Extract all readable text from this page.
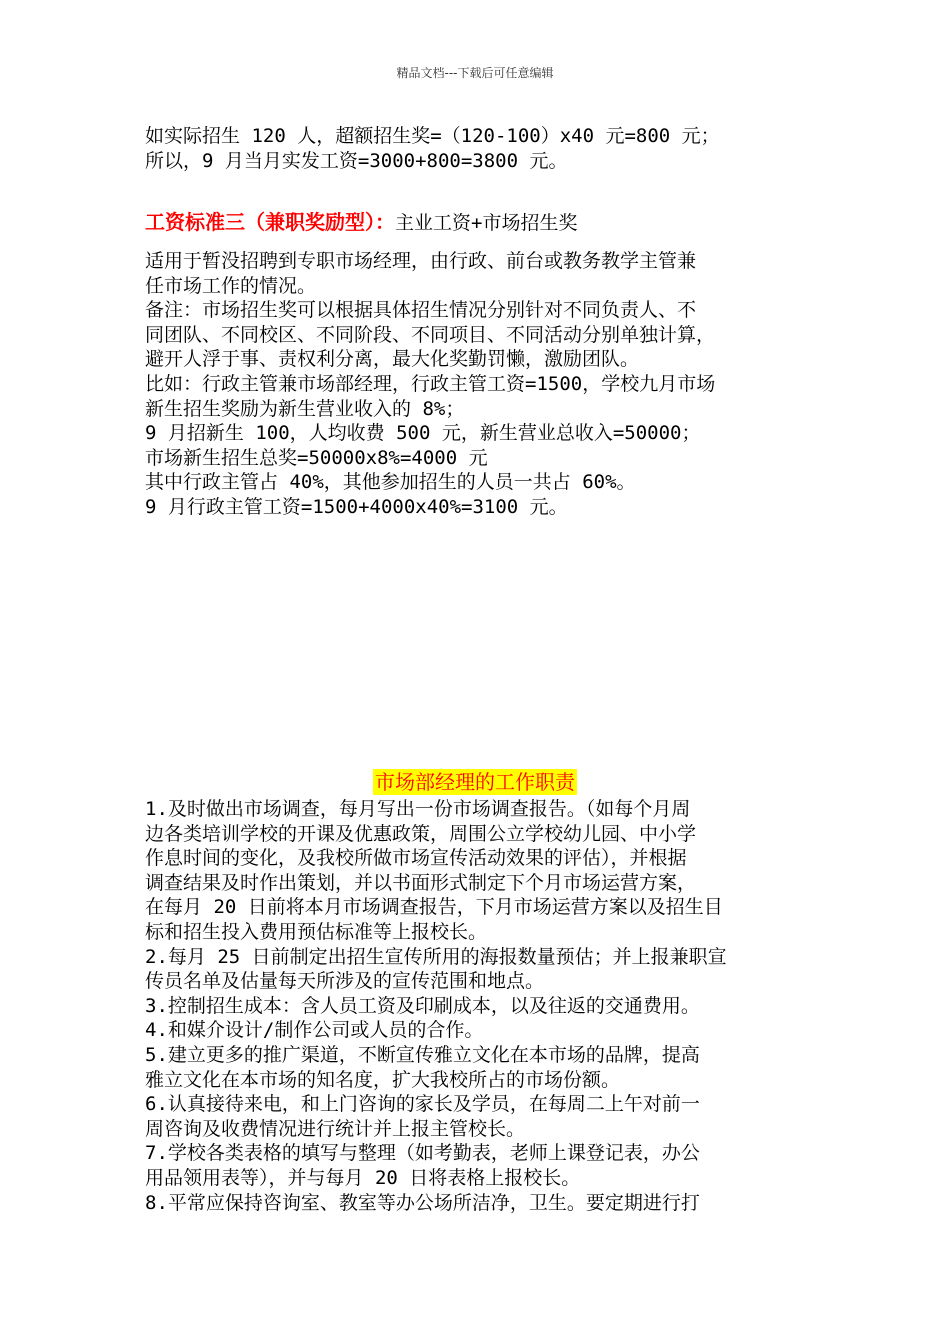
精品文档---下载后可任意编辑

如实际招生 120 人，超额招生奖=（120-100）x40 元=800 元；

所以，9 月当月实发工资=3000+800=3800 元。

工资标准三（兼职奖励型）：主业工资+市场招生奖

适用于暂没招聘到专职市场经理，由行政、前台或教务教学主管兼

任市场工作的情况。

备注：市场招生奖可以根据具体招生情况分别针对不同负责人、不

同团队、不同校区、不同阶段、不同项目、不同活动分别单独计算，

避开人浮于事、责权利分离，最大化奖勤罚懒，激励团队。

比如：行政主管兼市场部经理，行政主管工资=1500，学校九月市场

新生招生奖励为新生营业收入的 8%；

9 月招新生 100，人均收费 500 元，新生营业总收入=50000；

市场新生招生总奖=50000x8%=4000 元

其中行政主管占 40%，其他参加招生的人员一共占 60%。

9 月行政主管工资=1500+4000x40%=3100 元。

市场部经理的工作职责

1.及时做出市场调查，每月写出一份市场调查报告。（如每个月周

边各类培训学校的开课及优惠政策，周围公立学校幼儿园、中小学

作息时间的变化，及我校所做市场宣传活动效果的评估），并根据

调查结果及时作出策划，并以书面形式制定下个月市场运营方案，

在每月 20 日前将本月市场调查报告，下月市场运营方案以及招生目

标和招生投入费用预估标准等上报校长。

2.每月 25 日前制定出招生宣传所用的海报数量预估；并上报兼职宣

传员名单及估量每天所涉及的宣传范围和地点。

3.控制招生成本：含人员工资及印刷成本，以及往返的交通费用。

4.和媒介设计/制作公司或人员的合作。

5.建立更多的推广渠道，不断宣传雅立文化在本市场的品牌，提高

雅立文化在本市场的知名度，扩大我校所占的市场份额。

6.认真接待来电，和上门咨询的家长及学员，在每周二上午对前一

周咨询及收费情况进行统计并上报主管校长。

7.学校各类表格的填写与整理（如考勤表，老师上课登记表，办公

用品领用表等），并与每月 20 日将表格上报校长。

8.平常应保持咨询室、教室等办公场所洁净，卫生。要定期进行打
